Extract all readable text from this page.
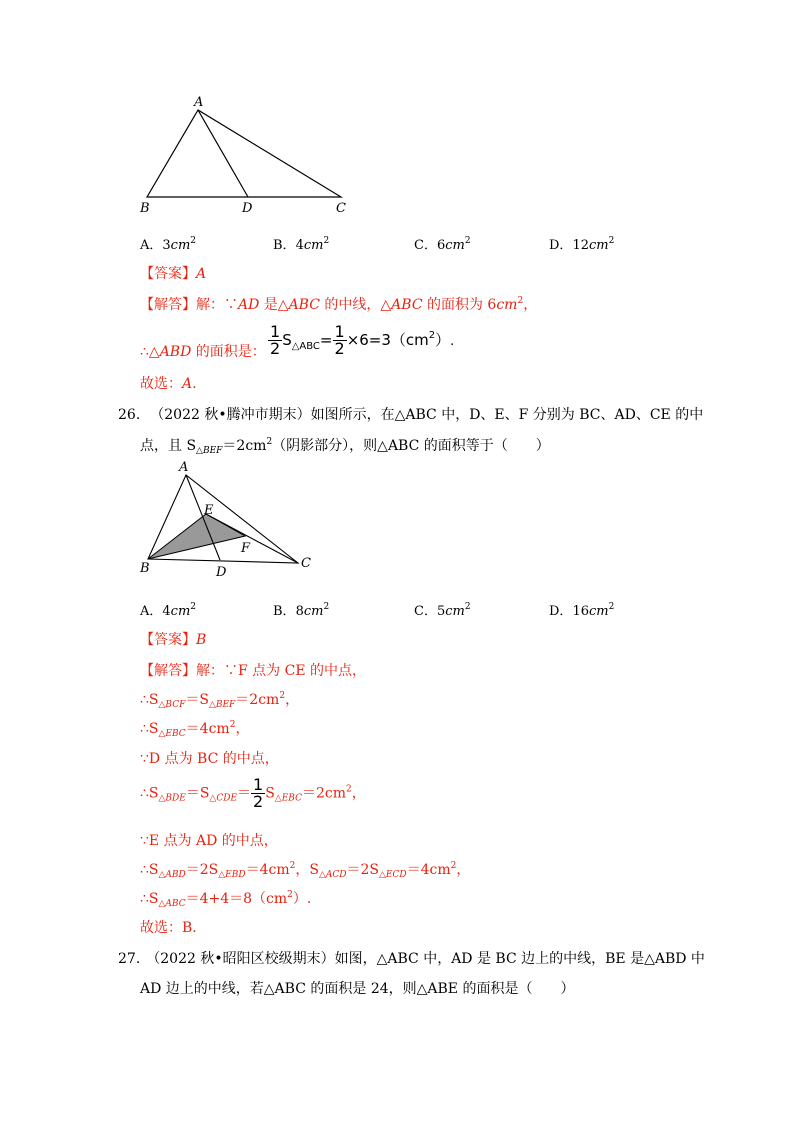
A
B	D	C
A．$3cm^2$	B．$4cm^2$	C．$6cm^2$	D．$12cm^2$
【答案】A
【解答】解：∵AD 是△ABC 的中线，△ABC 的面积为 $6cm^2$，
∴△ABD 的面积是： $\frac{1}{2} S_{\triangle ABC}= \frac{1}{2} \times 6=3(cm^2)$.
故选：A.
26. （2022 秋•腾冲市期末）如图所示，在△ABC 中，D、E、F 分别为 BC、AD、CE 的中
点，且 $S_{\triangle BEF}=2cm^2$（阴影部分），则△ABC 的面积等于（　　）
A
E
F
B	D
C
A．$4cm^2$	B．$8cm^2$	C．$5cm^2$	D．$16cm^2$
【答案】B
【解答】解：∵F 点为 CE 的中点，
$\therefore S_{\triangle BCF}=S_{\triangle BEF}=2cm^2$，
$\therefore S_{\triangle EBC}=4cm^2$，
∵D 点为 BC 的中点，
$\therefore S_{\triangle BDE}=S_{\triangle CDE}= \frac{1}{2} S_{\triangle EBC}=2cm^2$，
∵E 点为 AD 的中点，
$\therefore S_{\triangle ABD}=2S_{\triangle EBD}=4cm^2$，$S_{\triangle ACD}=2S_{\triangle ECD}=4cm^2$，
$\therefore S_{\triangle ABC}=4+4=8(cm^2)$.
故选：B.
27. （2022 秋•昭阳区校级期末）如图，△ABC 中，AD 是 BC 边上的中线，BE 是△ABD 中
AD 边上的中线，若△ABC 的面积是 24，则△ABE 的面积是（　　）
